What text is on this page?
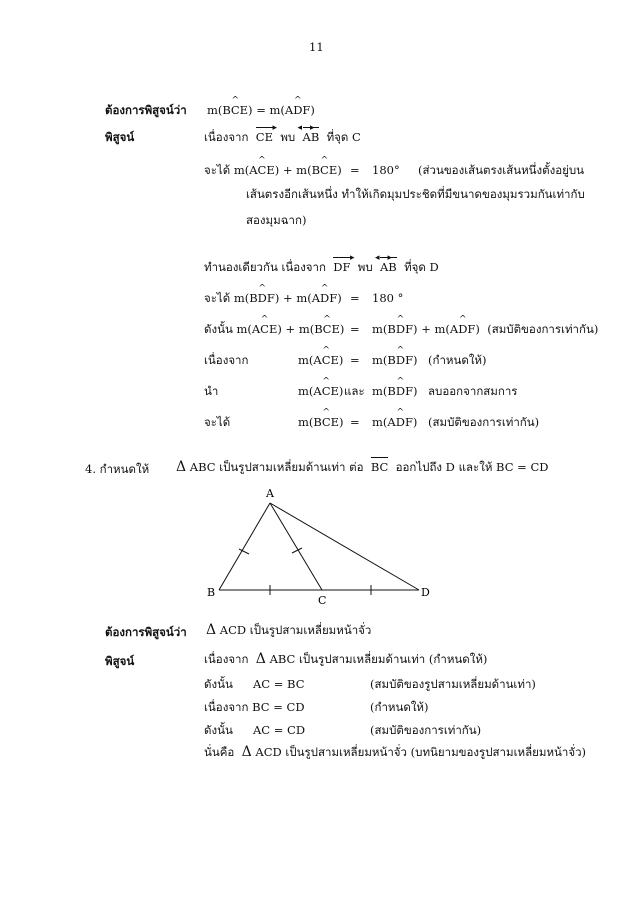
11
ต้องการพิสูจน์ว่า m(B^ CE) = m(A^ DF)
พิสูจน์	เนื่องจาก CE ▸ พบ AB ◂▸ ที่จุด C
จะได้ m(A^ CE) + m(B^ CE) = 180° (ส่วนของเส้นตรงเส้นหนึ่งตั้งอยู่บน
เส้นตรงอีกเส้นหนึ่ง ทำให้เกิดมุมประชิดที่มีขนาดของมุมรวมกันเท่ากับ
สองมุมฉาก)
ทำนองเดียวกัน เนื่องจาก DF ▸ พบ AB ◂▸ ที่จุด D
จะได้ m(B^ DF) + m(A^ DF) = 180 °
ดังนั้น m(A^ CE) + m(B^ CE) = m(B^ DF) + m(A^ DF) (สมบัติของการเท่ากัน)
เนื่องจาก	m(A^ CE) = m(B^ DF) (กำหนดให้)
นำ	m(A^ CE) และ m(B^ DF) ลบออกจากสมการ
จะได้	m(B^ CE) = m(A^ DF) (สมบัติของการเท่ากัน)
4. กำหนดให้ Δ ABC เป็นรูปสามเหลี่ยมด้านเท่า ต่อ BC ออกไปถึง D และให้ BC = CD
A
B
C
D
ต้องการพิสูจน์ว่า Δ ACD เป็นรูปสามเหลี่ยมหน้าจั่ว
พิสูจน์	เนื่องจาก Δ ABC เป็นรูปสามเหลี่ยมด้านเท่า (กำหนดให้)
ดังนั้น AC = BC	(สมบัติของรูปสามเหลี่ยมด้านเท่า)
เนื่องจาก BC = CD	(กำหนดให้)
ดังนั้น AC = CD	(สมบัติของการเท่ากัน)
นั่นคือ Δ ACD เป็นรูปสามเหลี่ยมหน้าจั่ว (บทนิยามของรูปสามเหลี่ยมหน้าจั่ว)
